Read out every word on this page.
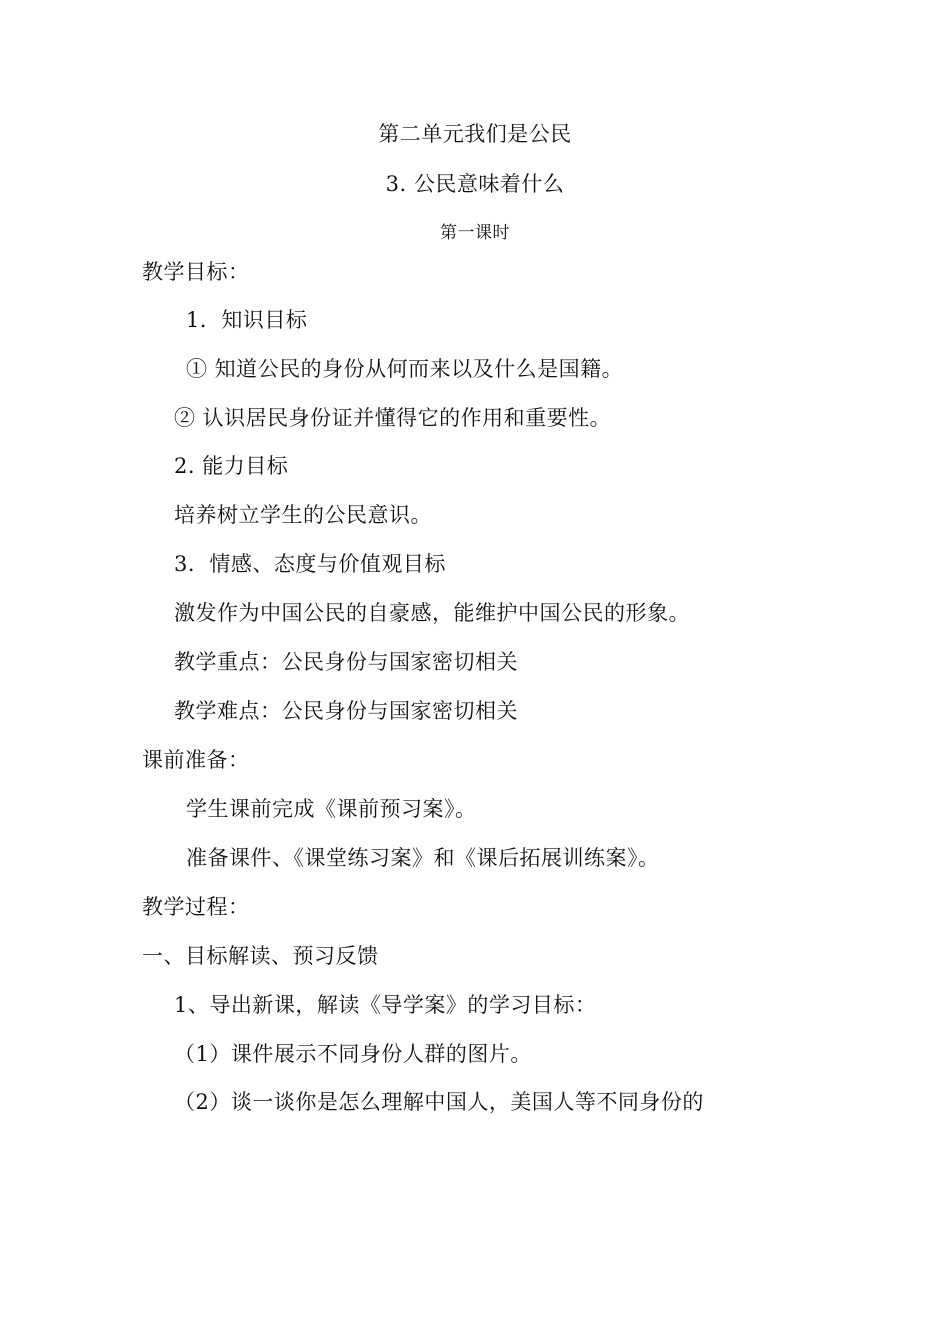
第二单元我们是公民
3. 公民意味着什么
第一课时
教学目标：
1．知识目标
① 知道公民的身份从何而来以及什么是国籍。
② 认识居民身份证并懂得它的作用和重要性。
2. 能力目标
培养树立学生的公民意识。
3．情感、态度与价值观目标
激发作为中国公民的自豪感，能维护中国公民的形象。
教学重点：公民身份与国家密切相关
教学难点：公民身份与国家密切相关
课前准备：
学生课前完成《课前预习案》。
准备课件、《课堂练习案》和《课后拓展训练案》。
教学过程：
一、目标解读、预习反馈
1、导出新课，解读《导学案》的学习目标：
（1）课件展示不同身份人群的图片。
（2）谈一谈你是怎么理解中国人，美国人等不同身份的
